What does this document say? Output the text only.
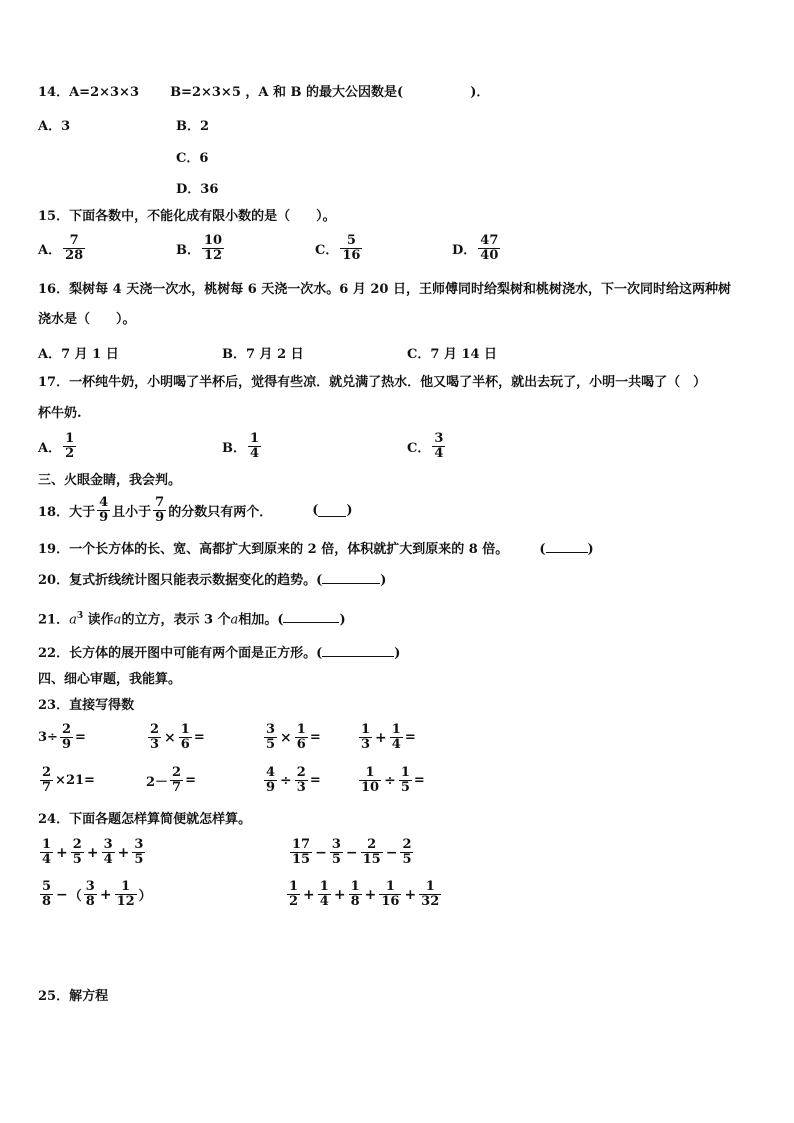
14．A=2×3×3 B=2×3×5 ，A 和 B 的最大公因数是(	)．
A．3	B．2
C．6
D．36
15．下面各数中，不能化成有限小数的是（　　）。
A． $\frac{7}{28}$	B． $\frac{10}{12}$	C． $\frac{5}{16}$	D． $\frac{47}{40}$
16．梨树每 4 天浇一次水，桃树每 6 天浇一次水。6 月 20 日，王师傅同时给梨树和桃树浇水，下一次同时给这两种树
浇水是（　　）。
A．7 月 1 日	B．7 月 2 日	C．7 月 14 日
17．一杯纯牛奶，小明喝了半杯后，觉得有些凉．就兑满了热水．他又喝了半杯，就出去玩了，小明一共喝了（　）
杯牛奶.
A． $\frac{1}{2}$	B． $\frac{1}{4}$	C． $\frac{3}{4}$
三、火眼金睛，我会判。
18．大于 $\frac{4}{9}$ 且小于 $\frac{7}{9}$ 的分数只有两个．	( )
19．一个长方体的长、宽、高都扩大到原来的 2 倍，体积就扩大到原来的 8 倍。 (	)
20．复式折线统计图只能表示数据变化的趋势。(	)
21．$a^3$ 读作a的立方，表示 3 个a相加。(	)
22．长方体的展开图中可能有两个面是正方形。(	)
四、细心审题，我能算。
23．直接写得数
$3\div \frac{2}{9}$ =	$\frac{2}{3} \times \frac{1}{6}$ =	$\frac{3}{5} \times \frac{1}{6}$ =	$\frac{1}{3} + \frac{1}{4}$ =
$\frac{2}{7} \times 21=$	$2- \frac{2}{7}$ =	$\frac{4}{9} \div \frac{2}{3}$ =	$\frac{1}{10} \div \frac{1}{5}$ =
24．下面各题怎样算简便就怎样算。
$\frac{1}{4} + \frac{2}{5} + \frac{3}{4} + \frac{3}{5}$	$\frac{17}{15} - \frac{3}{5} - \frac{2}{15} - \frac{2}{5}$
$\frac{5}{8}$ − （ $\frac{3}{8} + \frac{1}{12}$ ）	$\frac{1}{2} + \frac{1}{4} + \frac{1}{8} + \frac{1}{16} + \frac{1}{32}$
25．解方程
